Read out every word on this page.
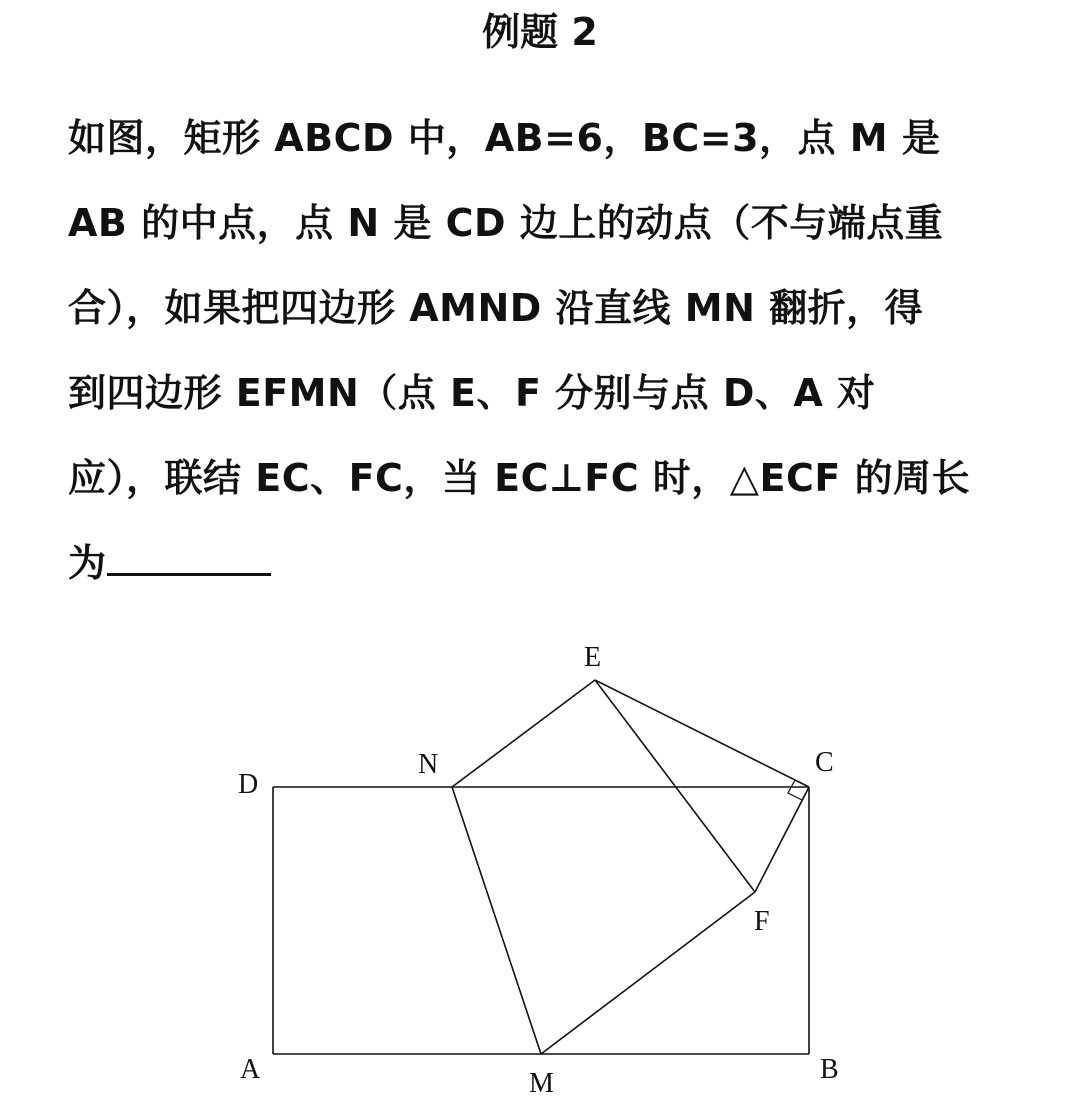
例题 2
如图，矩形 ABCD 中，AB=6，BC=3，点 M 是
AB 的中点，点 N 是 CD 边上的动点（不与端点重
合），如果把四边形 AMND 沿直线 MN 翻折，得
到四边形 EFMN（点 E、F 分别与点 D、A 对
应），联结 EC、FC，当 EC⊥FC 时，△ECF 的周长
为
E
N	C
D
F
A	M	B
